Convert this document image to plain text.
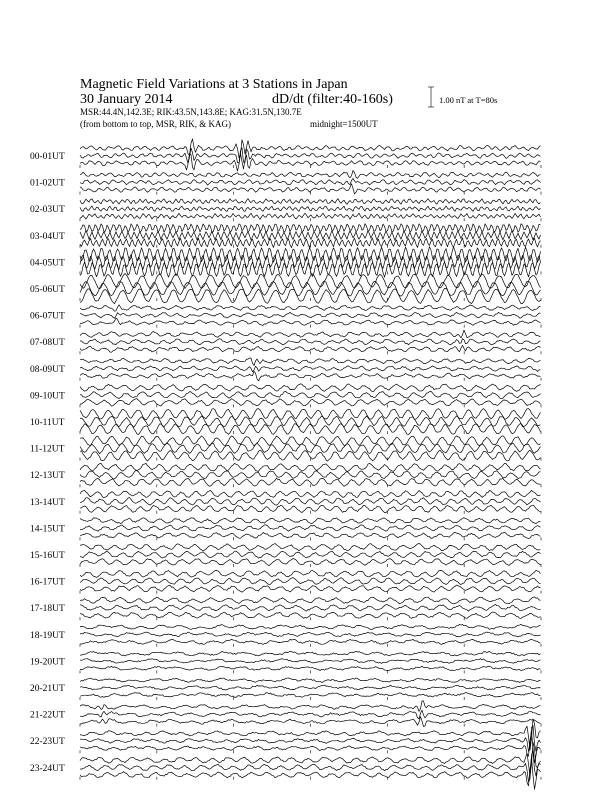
Magnetic Field Variations at 3 Stations in Japan
30 January 2014	dD/dt (filter:40-160s)
MSR:44.4N,142.3E; RIK:43.5N,143.8E; KAG:31.5N,130.7E
(from bottom to top, MSR, RIK, & KAG)	midnight=1500UT
1.00 nT at T=80s
00-01UT
01-02UT
02-03UT
03-04UT
04-05UT
05-06UT
06-07UT
07-08UT
08-09UT
09-10UT
10-11UT
11-12UT
12-13UT
13-14UT
14-15UT
15-16UT
16-17UT
17-18UT
18-19UT
19-20UT
20-21UT
21-22UT
22-23UT
23-24UT
